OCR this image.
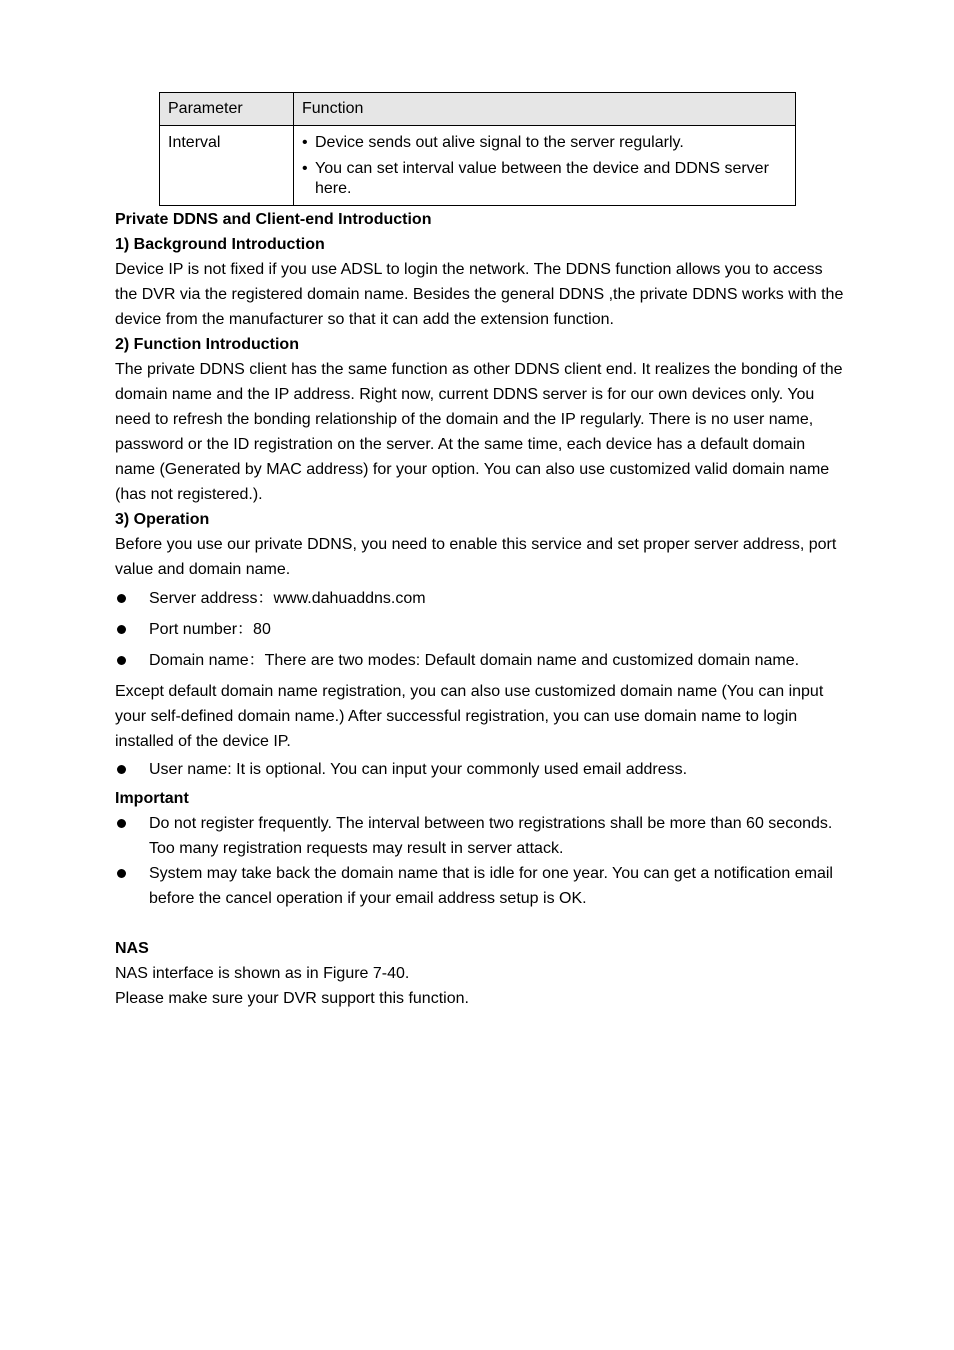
Parameter	Function
Interval	• Device sends out alive signal to the server regularly.
• You can set interval value between the device and DDNS server here.
Private DDNS and Client-end Introduction
1) Background Introduction

Device IP is not fixed if you use ADSL to login the network. The DDNS function allows you to access the DVR via the registered domain name. Besides the general DDNS ,the private DDNS works with the device from the manufacturer so that it can add the extension function.

2) Function Introduction

The private DDNS client has the same function as other DDNS client end. It realizes the bonding of the domain name and the IP address. Right now, current DDNS server is for our own devices only. You need to refresh the bonding relationship of the domain and the IP regularly. There is no user name, password or the ID registration on the server. At the same time, each device has a default domain name (Generated by MAC address) for your option. You can also use customized valid domain name (has not registered.).

3) Operation

Before you use our private DDNS, you need to enable this service and set proper server address, port value and domain name.

Server address：www.dahuaddns.com
Port number：80
Domain name：There are two modes: Default domain name and customized domain name.

Except default domain name registration, you can also use customized domain name (You can input your self-defined domain name.) After successful registration, you can use domain name to login installed of the device IP.

User name: It is optional. You can input your commonly used email address.
Important
Do not register frequently. The interval between two registrations shall be more than 60 seconds. Too many registration requests may result in server attack.
System may take back the domain name that is idle for one year. You can get a notification email before the cancel operation if your email address setup is OK.
NAS

NAS interface is shown as in Figure 7-40.

Please make sure your DVR support this function.
